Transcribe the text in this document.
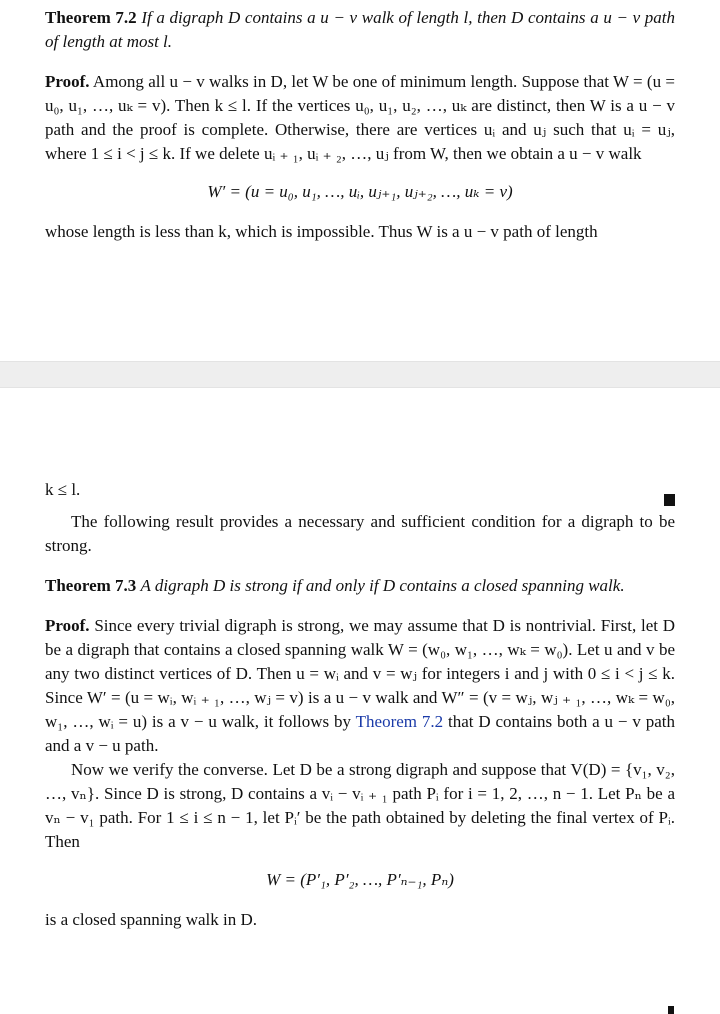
Theorem 7.2 If a digraph D contains a u − v walk of length l, then D contains a u − v path of length at most l.

Proof. Among all u − v walks in D, let W be one of minimum length. Suppose that W = (u = u₀, u₁, …, uₖ = v). Then k ≤ l. If the vertices u₀, u₁, u₂, …, uₖ are distinct, then W is a u − v path and the proof is complete. Otherwise, there are vertices uᵢ and uⱼ such that uᵢ = uⱼ, where 1 ≤ i < j ≤ k. If we delete uᵢ ₊ ₁, uᵢ ₊ ₂, …, uⱼ from W, then we obtain a u − v walk

W′ = (u = u₀, u₁, …, uᵢ, uⱼ₊₁, uⱼ₊₂, …, uₖ = v)

whose length is less than k, which is impossible. Thus W is a u − v path of length

k ≤ l.

The following result provides a necessary and sufficient condition for a digraph to be strong.

Theorem 7.3 A digraph D is strong if and only if D contains a closed spanning walk.

Proof. Since every trivial digraph is strong, we may assume that D is nontrivial. First, let D be a digraph that contains a closed spanning walk W = (w₀, w₁, …, wₖ = w₀). Let u and v be any two distinct vertices of D. Then u = wᵢ and v = wⱼ for integers i and j with 0 ≤ i < j ≤ k. Since W′ = (u = wᵢ, wᵢ ₊ ₁, …, wⱼ = v) is a u − v walk and W″ = (v = wⱼ, wⱼ ₊ ₁, …, wₖ = w₀, w₁, …, wᵢ = u) is a v − u walk, it follows by Theorem 7.2 that D contains both a u − v path and a v − u path.

Now we verify the converse. Let D be a strong digraph and suppose that V(D) = {v₁, v₂, …, vₙ}. Since D is strong, D contains a vᵢ − vᵢ ₊ ₁ path Pᵢ for i = 1, 2, …, n − 1. Let Pₙ be a vₙ − v₁ path. For 1 ≤ i ≤ n − 1, let Pᵢ′ be the path obtained by deleting the final vertex of Pᵢ. Then

W = (P′₁, P′₂, …, P′ₙ₋₁, Pₙ)

is a closed spanning walk in D.
